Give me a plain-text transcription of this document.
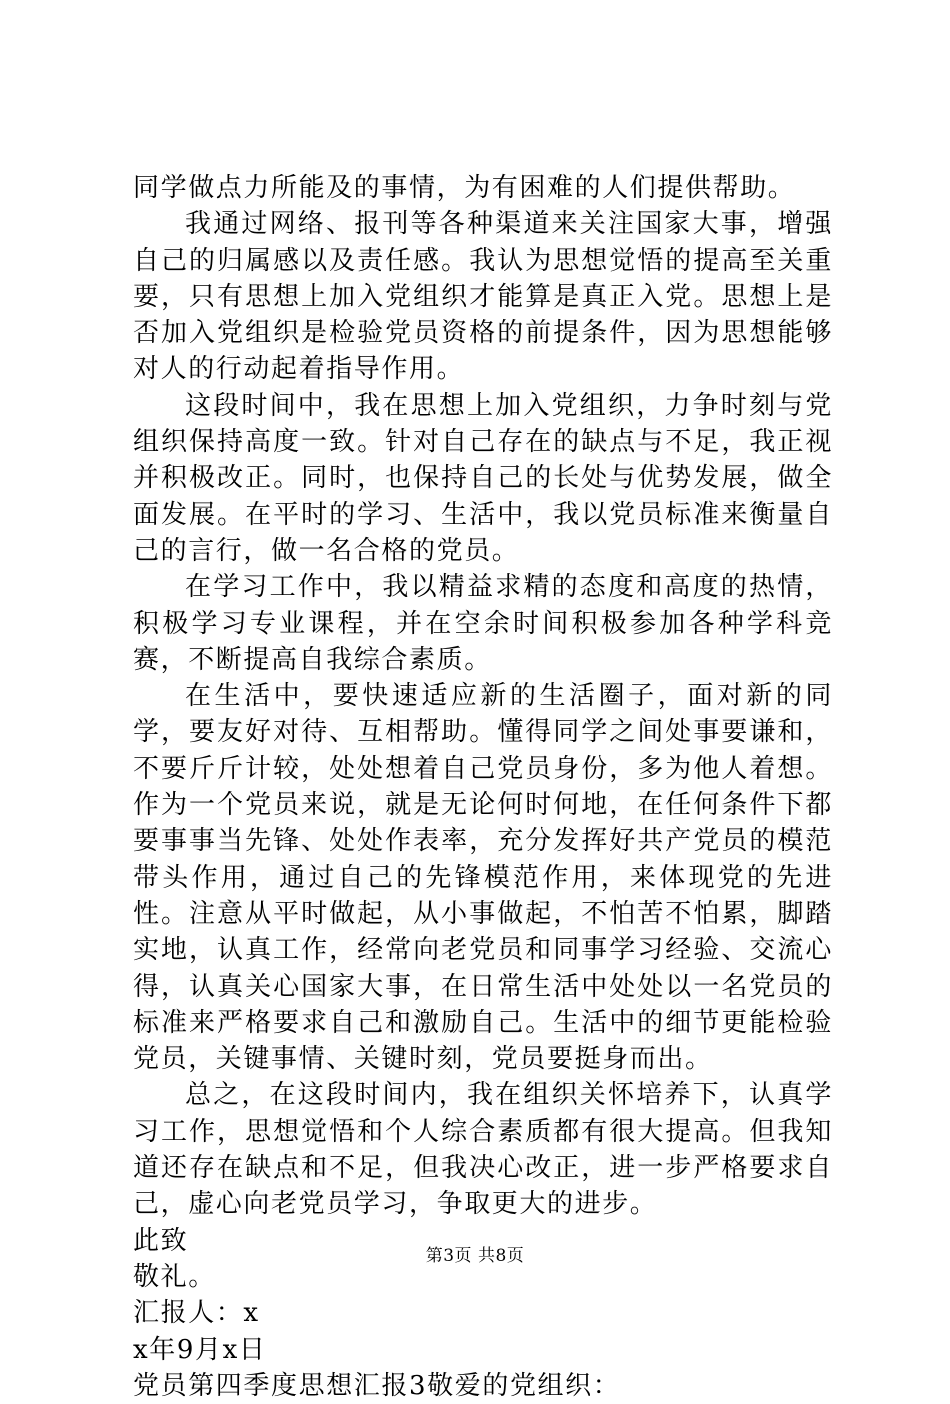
同学做点力所能及的事情，为有困难的人们提供帮助。

我通过网络、报刊等各种渠道来关注国家大事，增强自己的归属感以及责任感。我认为思想觉悟的提高至关重要，只有思想上加入党组织才能算是真正入党。思想上是否加入党组织是检验党员资格的前提条件，因为思想能够对人的行动起着指导作用。

这段时间中，我在思想上加入党组织，力争时刻与党组织保持高度一致。针对自己存在的缺点与不足，我正视并积极改正。同时，也保持自己的长处与优势发展，做全面发展。在平时的学习、生活中，我以党员标准来衡量自己的言行，做一名合格的党员。

在学习工作中，我以精益求精的态度和高度的热情，积极学习专业课程，并在空余时间积极参加各种学科竞赛，不断提高自我综合素质。

在生活中，要快速适应新的生活圈子，面对新的同学，要友好对待、互相帮助。懂得同学之间处事要谦和，不要斤斤计较，处处想着自己党员身份，多为他人着想。作为一个党员来说，就是无论何时何地，在任何条件下都要事事当先锋、处处作表率，充分发挥好共产党员的模范带头作用，通过自己的先锋模范作用，来体现党的先进性。注意从平时做起，从小事做起，不怕苦不怕累，脚踏实地，认真工作，经常向老党员和同事学习经验、交流心得，认真关心国家大事，在日常生活中处处以一名党员的标准来严格要求自己和激励自己。生活中的细节更能检验党员，关键事情、关键时刻，党员要挺身而出。

总之，在这段时间内，我在组织关怀培养下，认真学习工作，思想觉悟和个人综合素质都有很大提高。但我知道还存在缺点和不足，但我决心改正，进一步严格要求自己，虚心向老党员学习，争取更大的进步。

此致

敬礼。

汇报人：x

x年9月x日

党员第四季度思想汇报3敬爱的党组织：

第3页 共8页
